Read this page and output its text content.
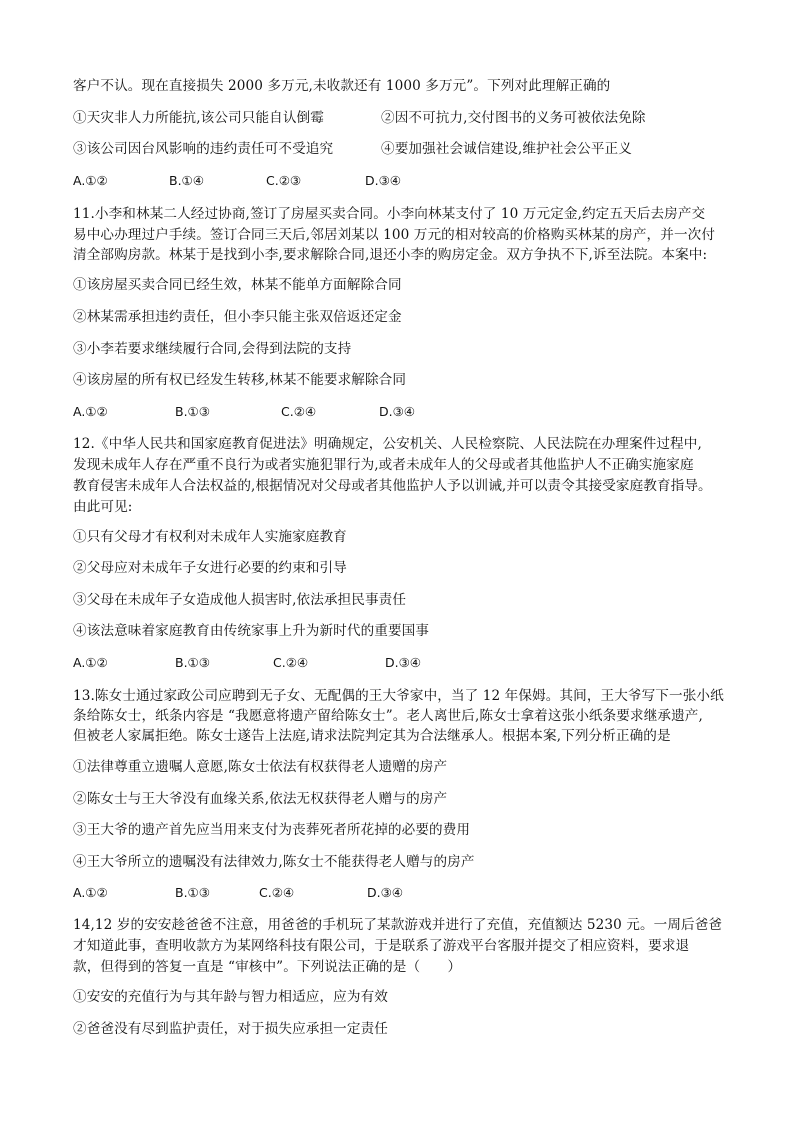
客户不认。现在直接损失 2000 多万元,未收款还有 1000 多万元”。下列对此理解正确的
①天灾非人力所能抗,该公司只能自认倒霉	②因不可抗力,交付图书的义务可被依法免除
③该公司因台风影响的违约责任可不受追究	④要加强社会诚信建设,维护社会公平正义
A.①②	B.①④	C.②③	D.③④
11.小李和林某二人经过协商,签订了房屋买卖合同。小李向林某支付了 10 万元定金,约定五天后去房产交
易中心办理过户手续。签订合同三天后,邻居刘某以 100 万元的相对较高的价格购买林某的房产，并一次付
清全部购房款。林某于是找到小李,要求解除合同,退还小李的购房定金。双方争执不下,诉至法院。本案中:
①该房屋买卖合同已经生效，林某不能单方面解除合同
②林某需承担违约责任，但小李只能主张双倍返还定金
③小李若要求继续履行合同,会得到法院的支持
④该房屋的所有权已经发生转移,林某不能要求解除合同
A.①②	B.①③	C.②④	D.③④
12.《中华人民共和国家庭教育促进法》明确规定，公安机关、人民检察院、人民法院在办理案件过程中,
发现未成年人存在严重不良行为或者实施犯罪行为,或者未成年人的父母或者其他监护人不正确实施家庭
教育侵害未成年人合法权益的,根据情况对父母或者其他监护人予以训诫,并可以责令其接受家庭教育指导。
由此可见:
①只有父母才有权利对未成年人实施家庭教育
②父母应对未成年子女进行必要的约束和引导
③父母在未成年子女造成他人损害时,依法承担民事责任
④该法意味着家庭教育由传统家事上升为新时代的重要国事
A.①②	B.①③	C.②④	D.③④
13.陈女士通过家政公司应聘到无子女、无配偶的王大爷家中，当了 12 年保姆。其间，王大爷写下一张小纸
条给陈女士，纸条内容是 “我愿意将遗产留给陈女士”。老人离世后,陈女士拿着这张小纸条要求继承遗产,
但被老人家属拒绝。陈女士遂告上法庭,请求法院判定其为合法继承人。根据本案,下列分析正确的是
①法律尊重立遗嘱人意愿,陈女士依法有权获得老人遗赠的房产
②陈女士与王大爷没有血缘关系,依法无权获得老人赠与的房产
③王大爷的遗产首先应当用来支付为丧葬死者所花掉的必要的费用
④王大爷所立的遗嘱没有法律效力,陈女士不能获得老人赠与的房产
A.①②	B.①③	C.②④	D.③④
14,12 岁的安安趁爸爸不注意，用爸爸的手机玩了某款游戏并进行了充值，充值额达 5230 元。一周后爸爸
才知道此事，查明收款方为某网络科技有限公司，于是联系了游戏平台客服并提交了相应资料，要求退
款，但得到的答复一直是 “审核中”。下列说法正确的是（　　）
①安安的充值行为与其年龄与智力相适应，应为有效
②爸爸没有尽到监护责任，对于损失应承担一定责任
